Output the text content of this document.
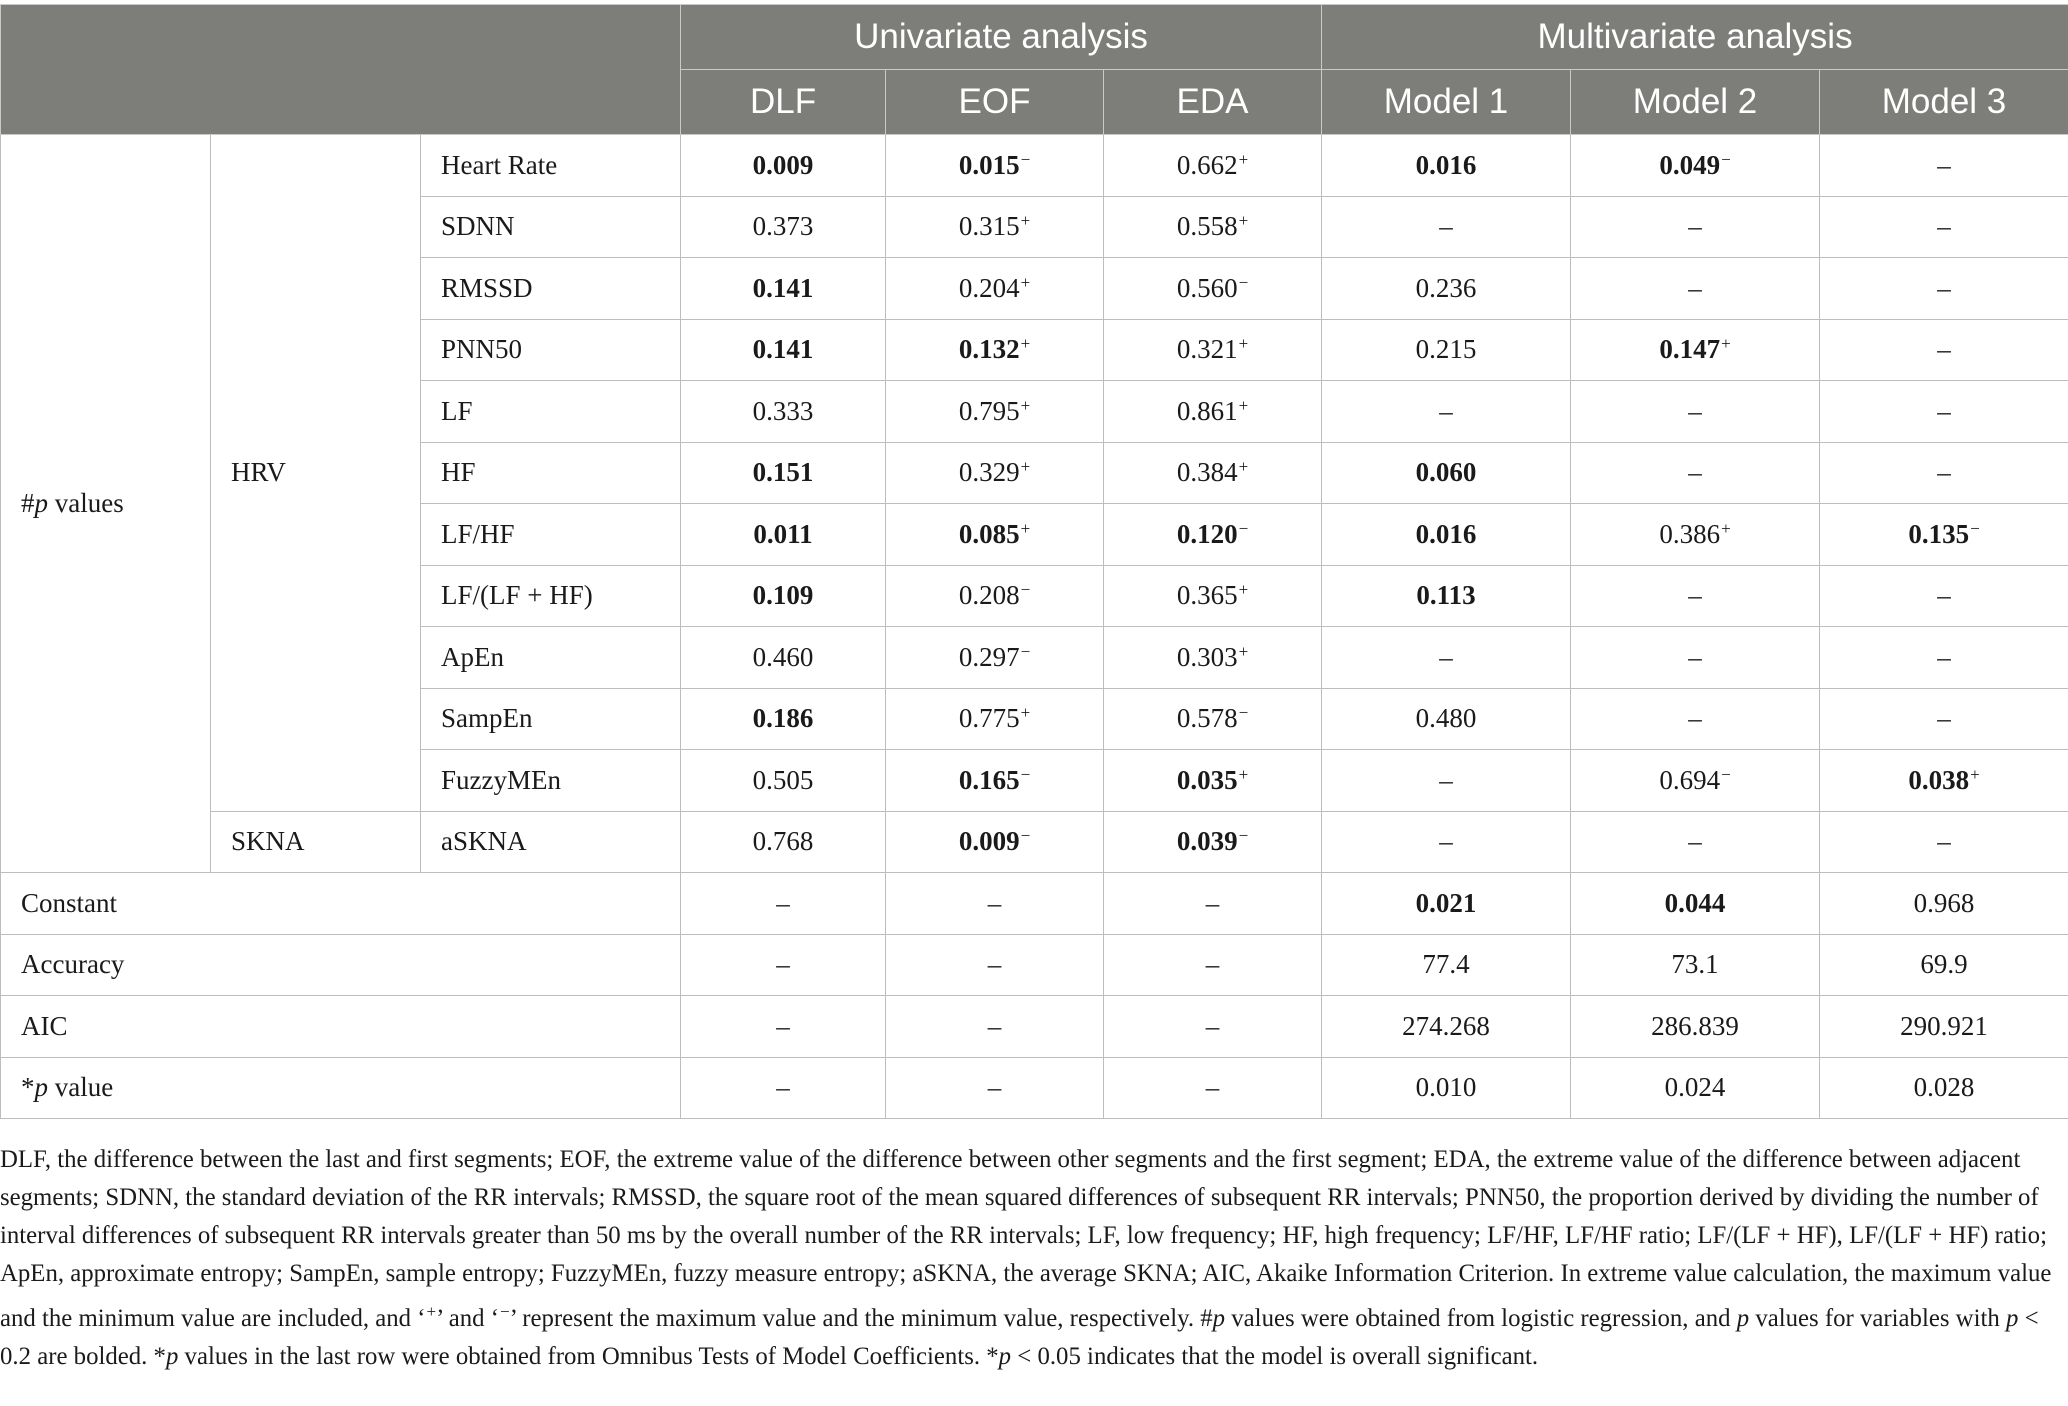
			Univariate analysis			Multivariate analysis		
			DLF	EOF	EDA	Model 1	Model 2	Model 3
#p values	HRV	Heart Rate	0.009	0.015−	0.662+	0.016	0.049−	–
		SDNN	0.373	0.315+	0.558+	–	–	–
		RMSSD	0.141	0.204+	0.560−	0.236	–	–
		PNN50	0.141	0.132+	0.321+	0.215	0.147+	–
		LF	0.333	0.795+	0.861+	–	–	–
		HF	0.151	0.329+	0.384+	0.060	–	–
		LF/HF	0.011	0.085+	0.120−	0.016	0.386+	0.135−
		LF/(LF + HF)	0.109	0.208−	0.365+	0.113	–	–
		ApEn	0.460	0.297−	0.303+	–	–	–
		SampEn	0.186	0.775+	0.578−	0.480	–	–
		FuzzyMEn	0.505	0.165−	0.035+	–	0.694−	0.038+
	SKNA	aSKNA	0.768	0.009−	0.039−	–	–	–
Constant			–	–	–	0.021	0.044	0.968
Accuracy			–	–	–	77.4	73.1	69.9
AIC			–	–	–	274.268	286.839	290.921
*p value			–	–	–	0.010	0.024	0.028
DLF, the difference between the last and first segments; EOF, the extreme value of the difference between other segments and the first segment; EDA, the extreme value of the difference between adjacent segments; SDNN, the standard deviation of the RR intervals; RMSSD, the square root of the mean squared differences of subsequent RR intervals; PNN50, the proportion derived by dividing the number of interval differences of subsequent RR intervals greater than 50 ms by the overall number of the RR intervals; LF, low frequency; HF, high frequency; LF/HF, LF/HF ratio; LF/(LF + HF), LF/(LF + HF) ratio; ApEn, approximate entropy; SampEn, sample entropy; FuzzyMEn, fuzzy measure entropy; aSKNA, the average SKNA; AIC, Akaike Information Criterion. In extreme value calculation, the maximum value and the minimum value are included, and ‘+’ and ‘−’ represent the maximum value and the minimum value, respectively. #p values were obtained from logistic regression, and p values for variables with p < 0.2 are bolded. *p values in the last row were obtained from Omnibus Tests of Model Coefficients. *p < 0.05 indicates that the model is overall significant.
